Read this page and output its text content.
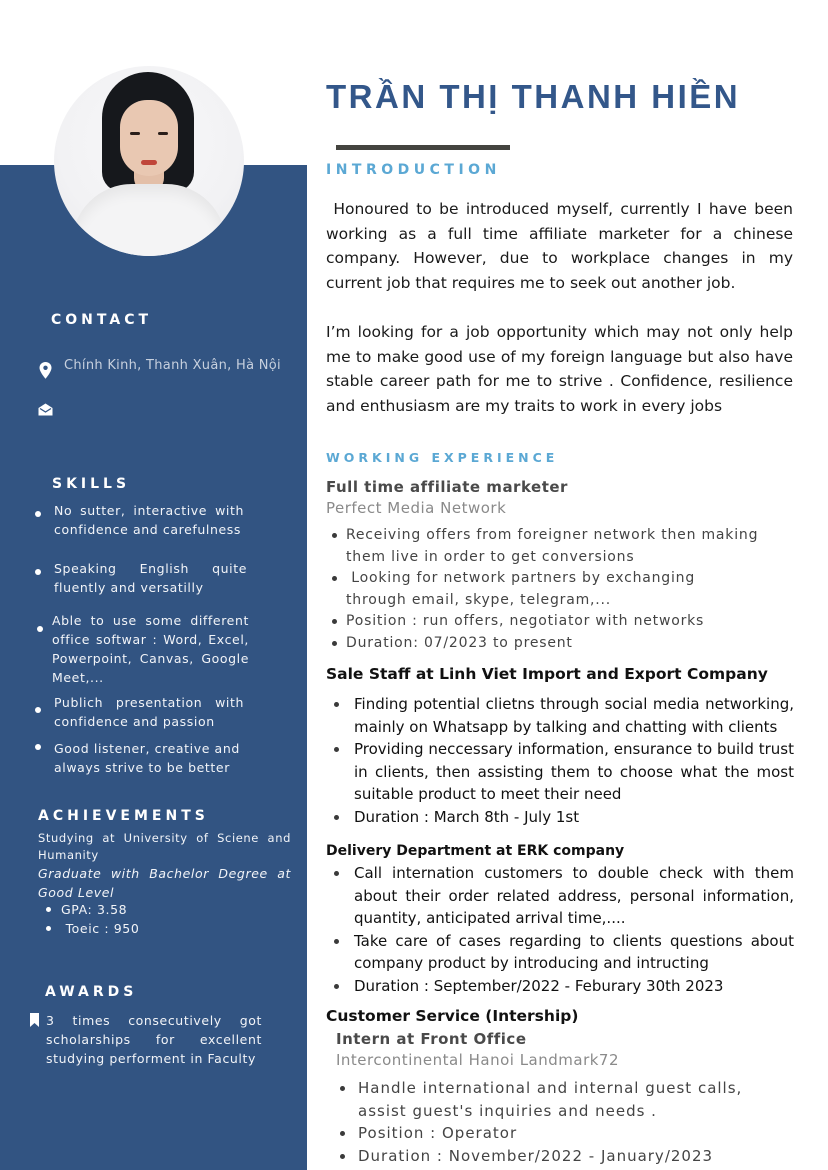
CONTACT
Chính Kinh, Thanh Xuân, Hà Nội
SKILLS
No sutter, interactive with confidence and carefulness
Speaking English quite fluently and versatilly
Able to use some different office softwar : Word, Excel, Powerpoint, Canvas, Google Meet,...
Publich presentation with confidence and passion
Good listener, creative and always strive to be better
ACHIEVEMENTS
Studying at University of Sciene and Humanity
Graduate with Bachelor Degree at Good Level
GPA: 3.58
Toeic : 950
AWARDS
3 times consecutively got scholarships for excellent studying performent in Faculty
TRẦN THỊ THANH HIỀN
INTRODUCTION
Honoured to be introduced myself, currently I have been working as a full time affiliate marketer for a chinese company. However, due to workplace changes in my current job that requires me to seek out another job.
I’m looking for a job opportunity which may not only help me to make good use of my foreign language but also have stable career path for me to strive . Confidence, resilience and enthusiasm are my traits to work in every jobs
WORKING EXPERIENCE
Full time affiliate marketer
Perfect Media Network
Receiving offers from foreigner network then making them live in order to get conversions
Looking for network partners by exchanging through email, skype, telegram,...
Position : run offers, negotiator with networks
Duration: 07/2023 to present
Sale Staff at Linh Viet Import and Export Company
Finding potential clietns through social media networking, mainly on Whatsapp by talking and chatting with clients
Providing neccessary information, ensurance to build trust in clients, then assisting them to choose what the most suitable product to meet their need
Duration : March 8th - July 1st
Delivery Department at ERK company
Call internation customers to double check with them about their order related address, personal information, quantity, anticipated arrival time,....
Take care of cases regarding to clients questions about company product by introducing and intructing
Duration : September/2022 - Feburary 30th 2023
Customer Service (Intership)
Intern at Front Office
Intercontinental Hanoi Landmark72
Handle international and internal guest calls, assist guest's inquiries and needs .
Position : Operator
Duration : November/2022 - January/2023
